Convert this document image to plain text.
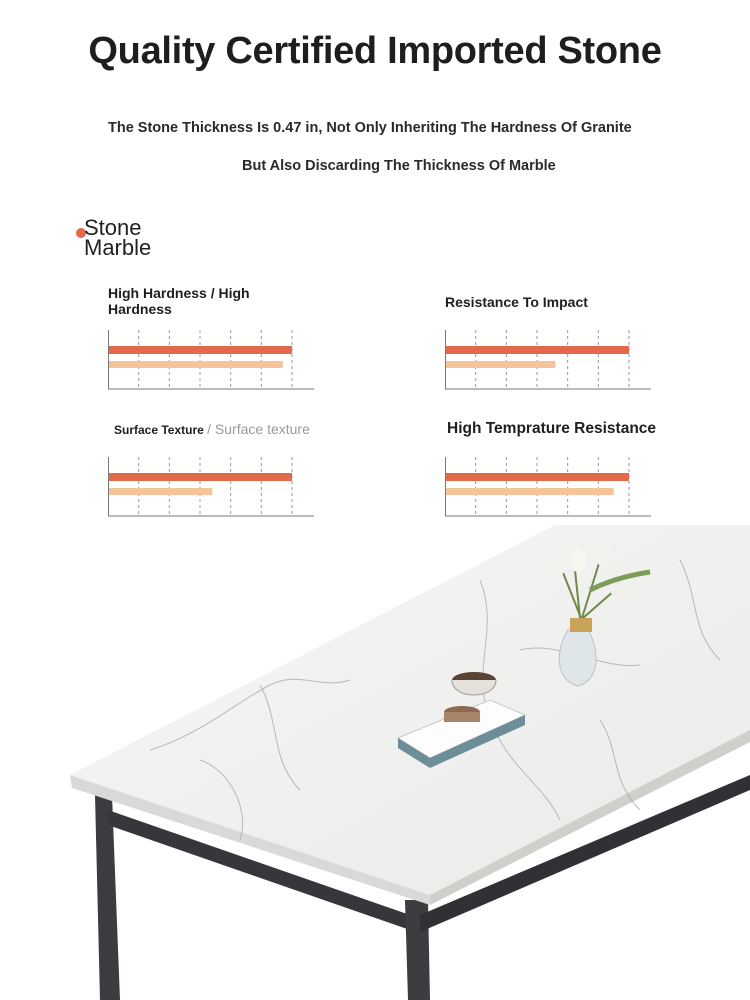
Quality Certified Imported Stone
The Stone Thickness Is 0.47 in, Not Only Inheriting The Hardness Of Granite
But Also Discarding The Thickness Of Marble
Stone
Marble
High Hardness / High Hardness	Resistance To Impact
Surface Texture / Surface texture	High Temprature Resistance
